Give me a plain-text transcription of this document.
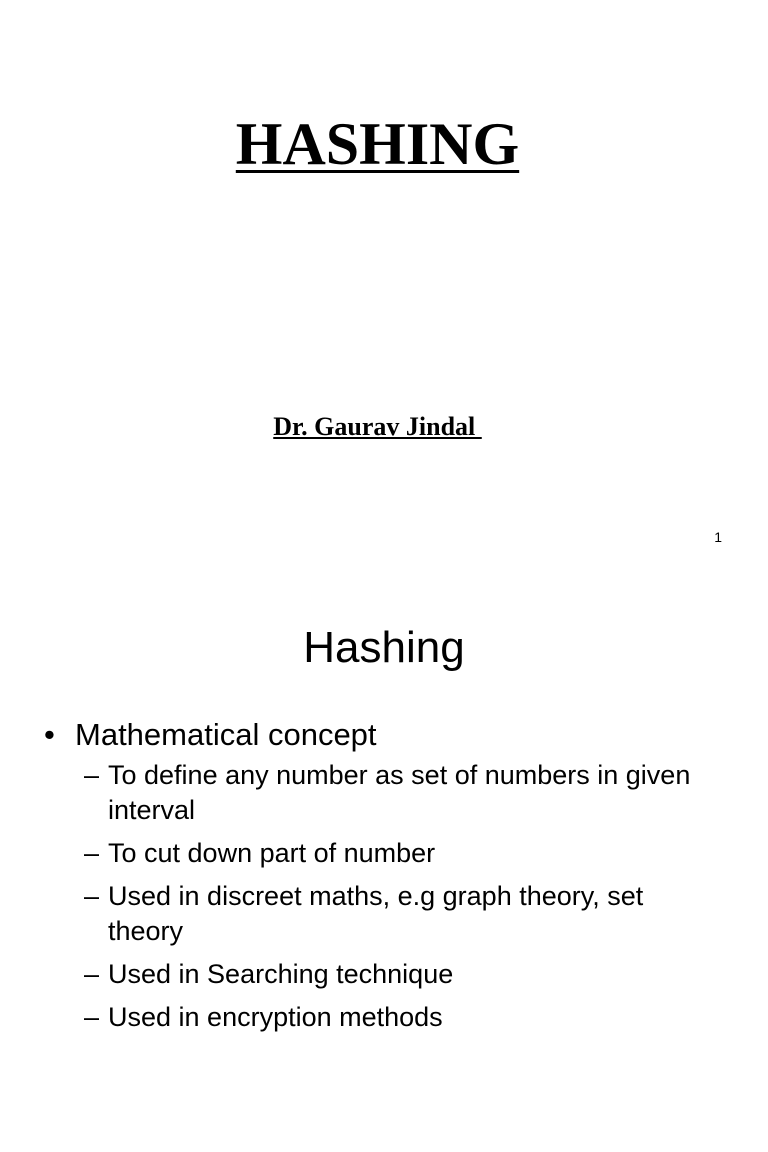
HASHING
Dr. Gaurav Jindal
1
Hashing
• Mathematical concept
– To define any number as set of numbers in given interval
– To cut down part of number
– Used in discreet maths, e.g graph theory, set theory
– Used in Searching technique
– Used in encryption methods
